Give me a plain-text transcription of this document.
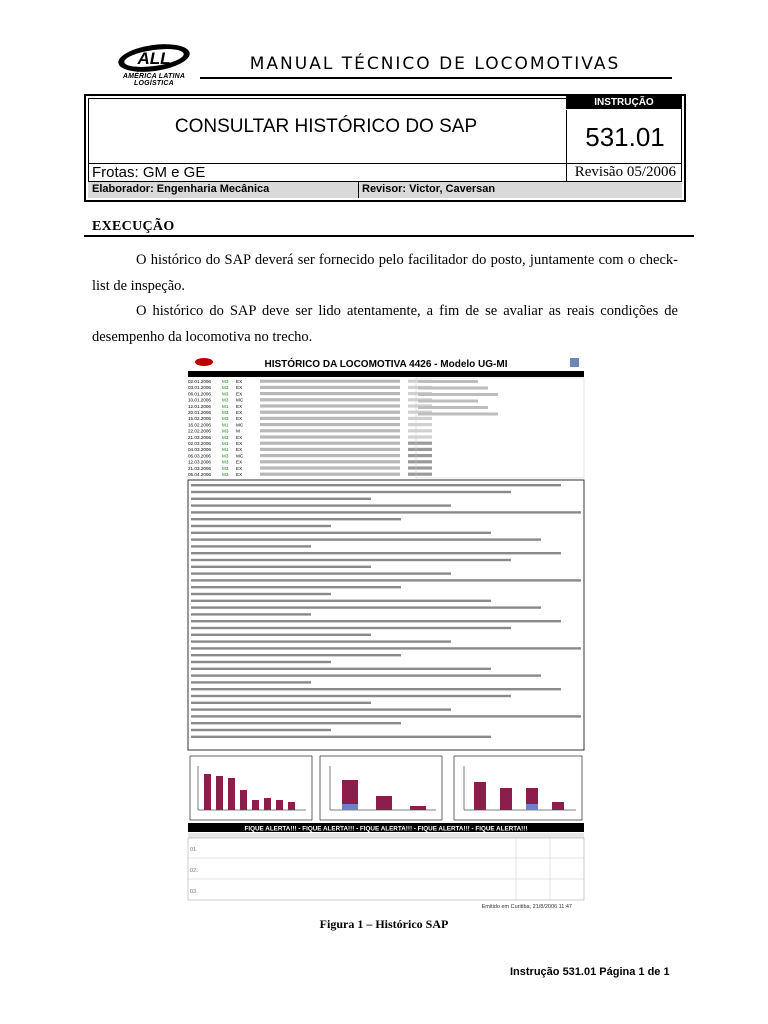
ALL
AMÉRICA LATINA LOGÍSTICA
MANUAL TÉCNICO DE LOCOMOTIVAS
CONSULTAR HISTÓRICO DO SAP
INSTRUÇÃO
531.01
Frotas: GM e GE	Revisão 05/2006
Elaborador: Engenharia Mecânica	Revisor: Victor, Caversan
EXECUÇÃO
O histórico do SAP deverá ser fornecido pelo facilitador do posto, juntamente com o check-list de inspeção.
O histórico do SAP deve ser lido atentamente, a fim de se avaliar as reais condições de desempenho da locomotiva no trecho.
HISTÓRICO DA LOCOMOTIVA 4426 - Modelo UG-MI
02.01.2006 M3 EX
03.01.2006 M3 EX
06.01.2006 M3 EX
10.01.2006 M3 MC
12.01.2006 M1 EX
20.01.2006 M3 EX
15.02.2006 M3 EX
16.02.2006 M1 MC
22.02.2006 M3 M
21.03.2006 M3 EX
02.03.2006 M1 EX
04.03.2006 M1 EX
06.03.2006 M3 MC
12.03.2006 M3 EX
21.03.2006 M3 EX
05.04.2006 M3 EX
FIQUE ALERTA!!! - FIQUE ALERTA!!! - FIQUE ALERTA!!! - FIQUE ALERTA!!! - FIQUE ALERTA!!!
01.
02.
03.
Emitido em Curitiba, 21/8/2006 11:47
Figura 1 – Histórico SAP
Instrução 531.01 Página 1 de 1
